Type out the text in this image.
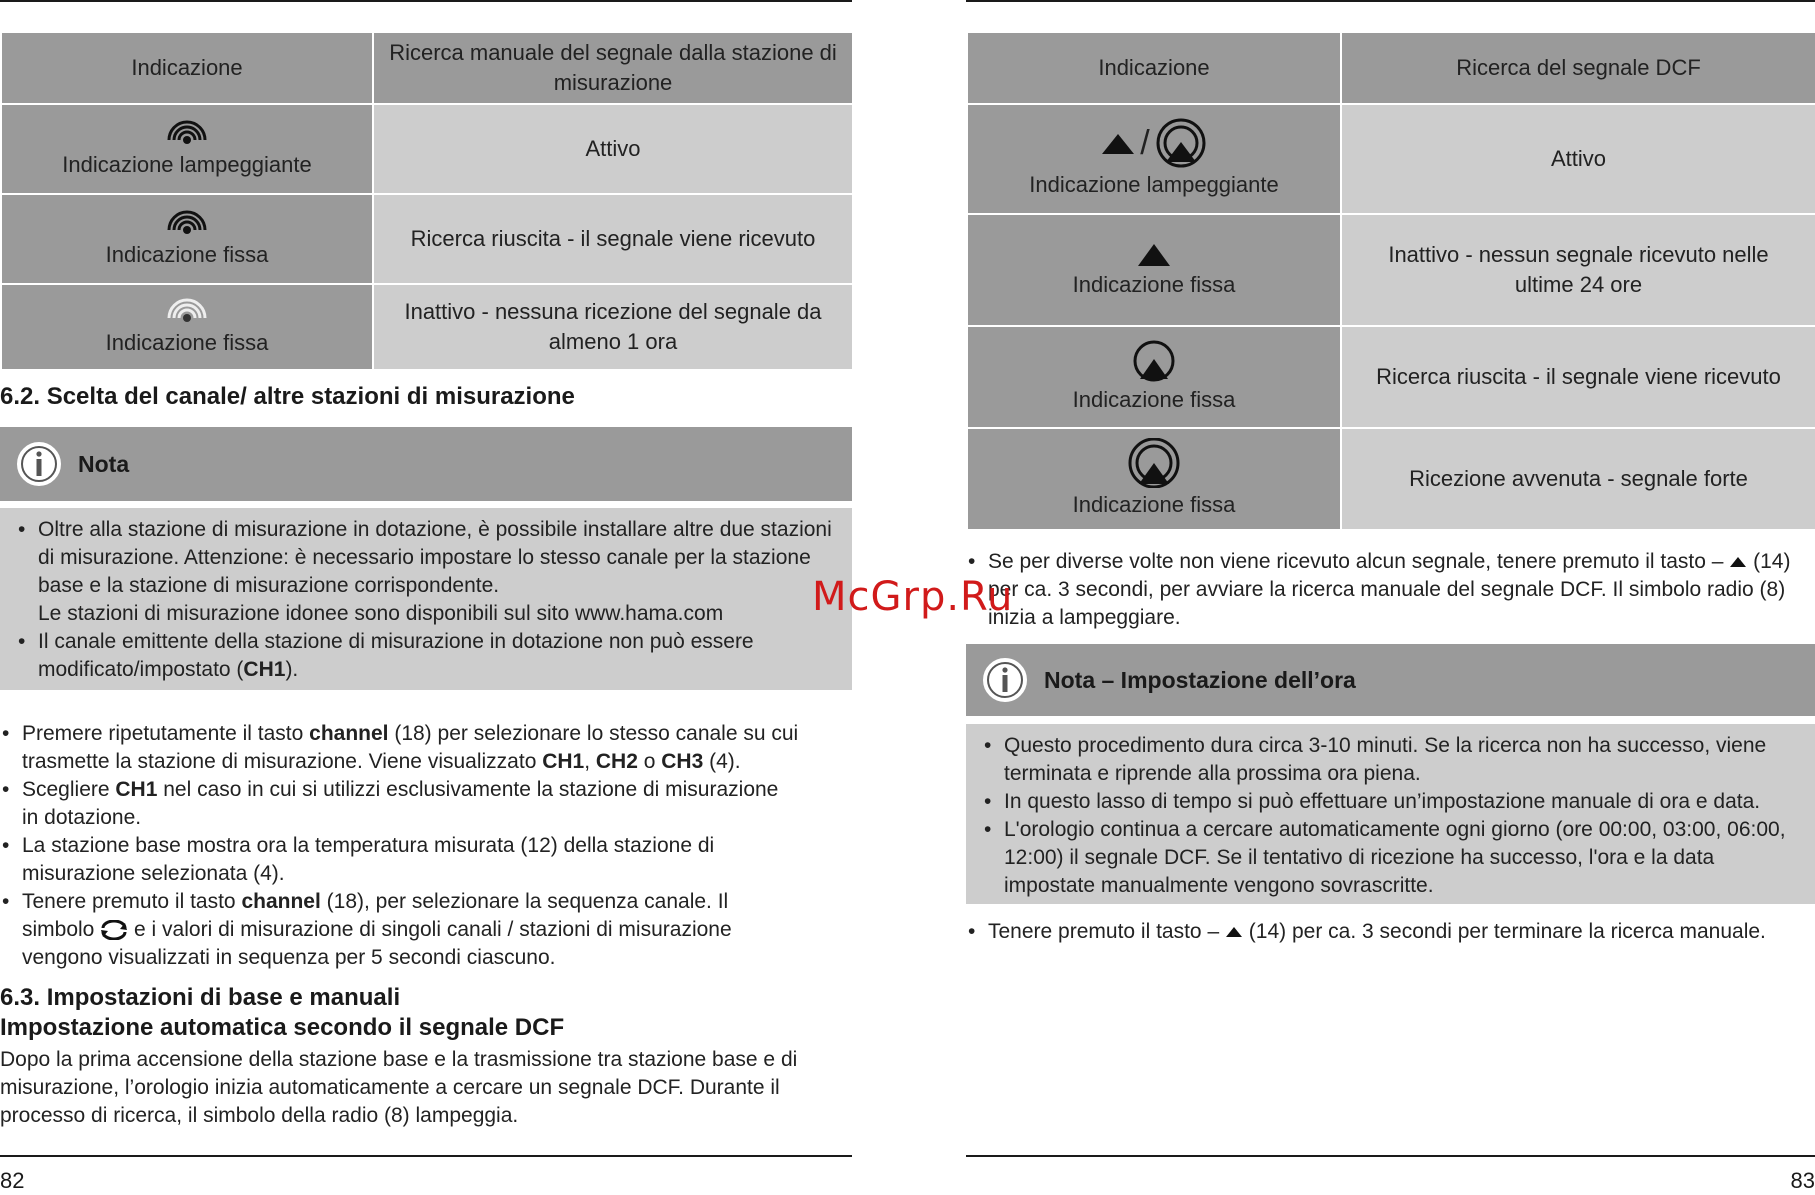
Indicazione	Ricerca manuale del segnale dalla stazione di misurazione

Indicazione lampeggiante	Attivo

Indicazione fissa	Ricerca riuscita - il segnale viene ricevuto

Indicazione fissa	Inattivo - nessuna ricezione del segnale da almeno 1 ora
6.2. Scelta del canale/ altre stazioni di misurazione
Nota
• Oltre alla stazione di misurazione in dotazione, è possibile installare altre due stazioni di misurazione. Attenzione: è necessario impostare lo stesso canale per la stazione base e la stazione di misurazione corrispondente.
Le stazioni di misurazione idonee sono disponibili sul sito www.hama.com
• Il canale emittente della stazione di misurazione in dotazione non può essere modificato/impostato (CH1).
• Premere ripetutamente il tasto channel (18) per selezionare lo stesso canale su cui trasmette la stazione di misurazione. Viene visualizzato CH1, CH2 o CH3 (4).
• Scegliere CH1 nel caso in cui si utilizzi esclusivamente la stazione di misurazione in dotazione.
• La stazione base mostra ora la temperatura misurata (12) della stazione di misurazione selezionata (4).
• Tenere premuto il tasto channel (18), per selezionare la sequenza canale. Il simbolo  e i valori di misurazione di singoli canali / stazioni di misurazione vengono visualizzati in sequenza per 5 secondi ciascuno.
6.3. Impostazioni di base e manuali
Impostazione automatica secondo il segnale DCF

Dopo la prima accensione della stazione base e la trasmissione tra stazione base e di misurazione, l’orologio inizia automaticamente a cercare un segnale DCF. Durante il processo di ricerca, il simbolo della radio (8) lampeggia.

82
Indicazione	Ricerca del segnale DCF

/
Indicazione lampeggiante	Attivo

Indicazione fissa	Inattivo - nessun segnale ricevuto nelle ultime 24 ore

Indicazione fissa	Ricerca riuscita - il segnale viene ricevuto

Indicazione fissa	Ricezione avvenuta - segnale forte
• Se per diverse volte non viene ricevuto alcun segnale, tenere premuto il tasto –  (14) per ca. 3 secondi, per avviare la ricerca manuale del segnale DCF. Il simbolo radio (8) inizia a lampeggiare.
Nota – Impostazione dell’ora
• Questo procedimento dura circa 3-10 minuti. Se la ricerca non ha successo, viene terminata e riprende alla prossima ora piena.
• In questo lasso di tempo si può effettuare un’impostazione manuale di ora e data.
• L'orologio continua a cercare automaticamente ogni giorno (ore 00:00, 03:00, 06:00, 12:00) il segnale DCF. Se il tentativo di ricezione ha successo, l'ora e la data impostate manualmente vengono sovrascritte.
• Tenere premuto il tasto –  (14) per ca. 3 secondi per terminare la ricerca manuale.
83
McGrp.Ru
